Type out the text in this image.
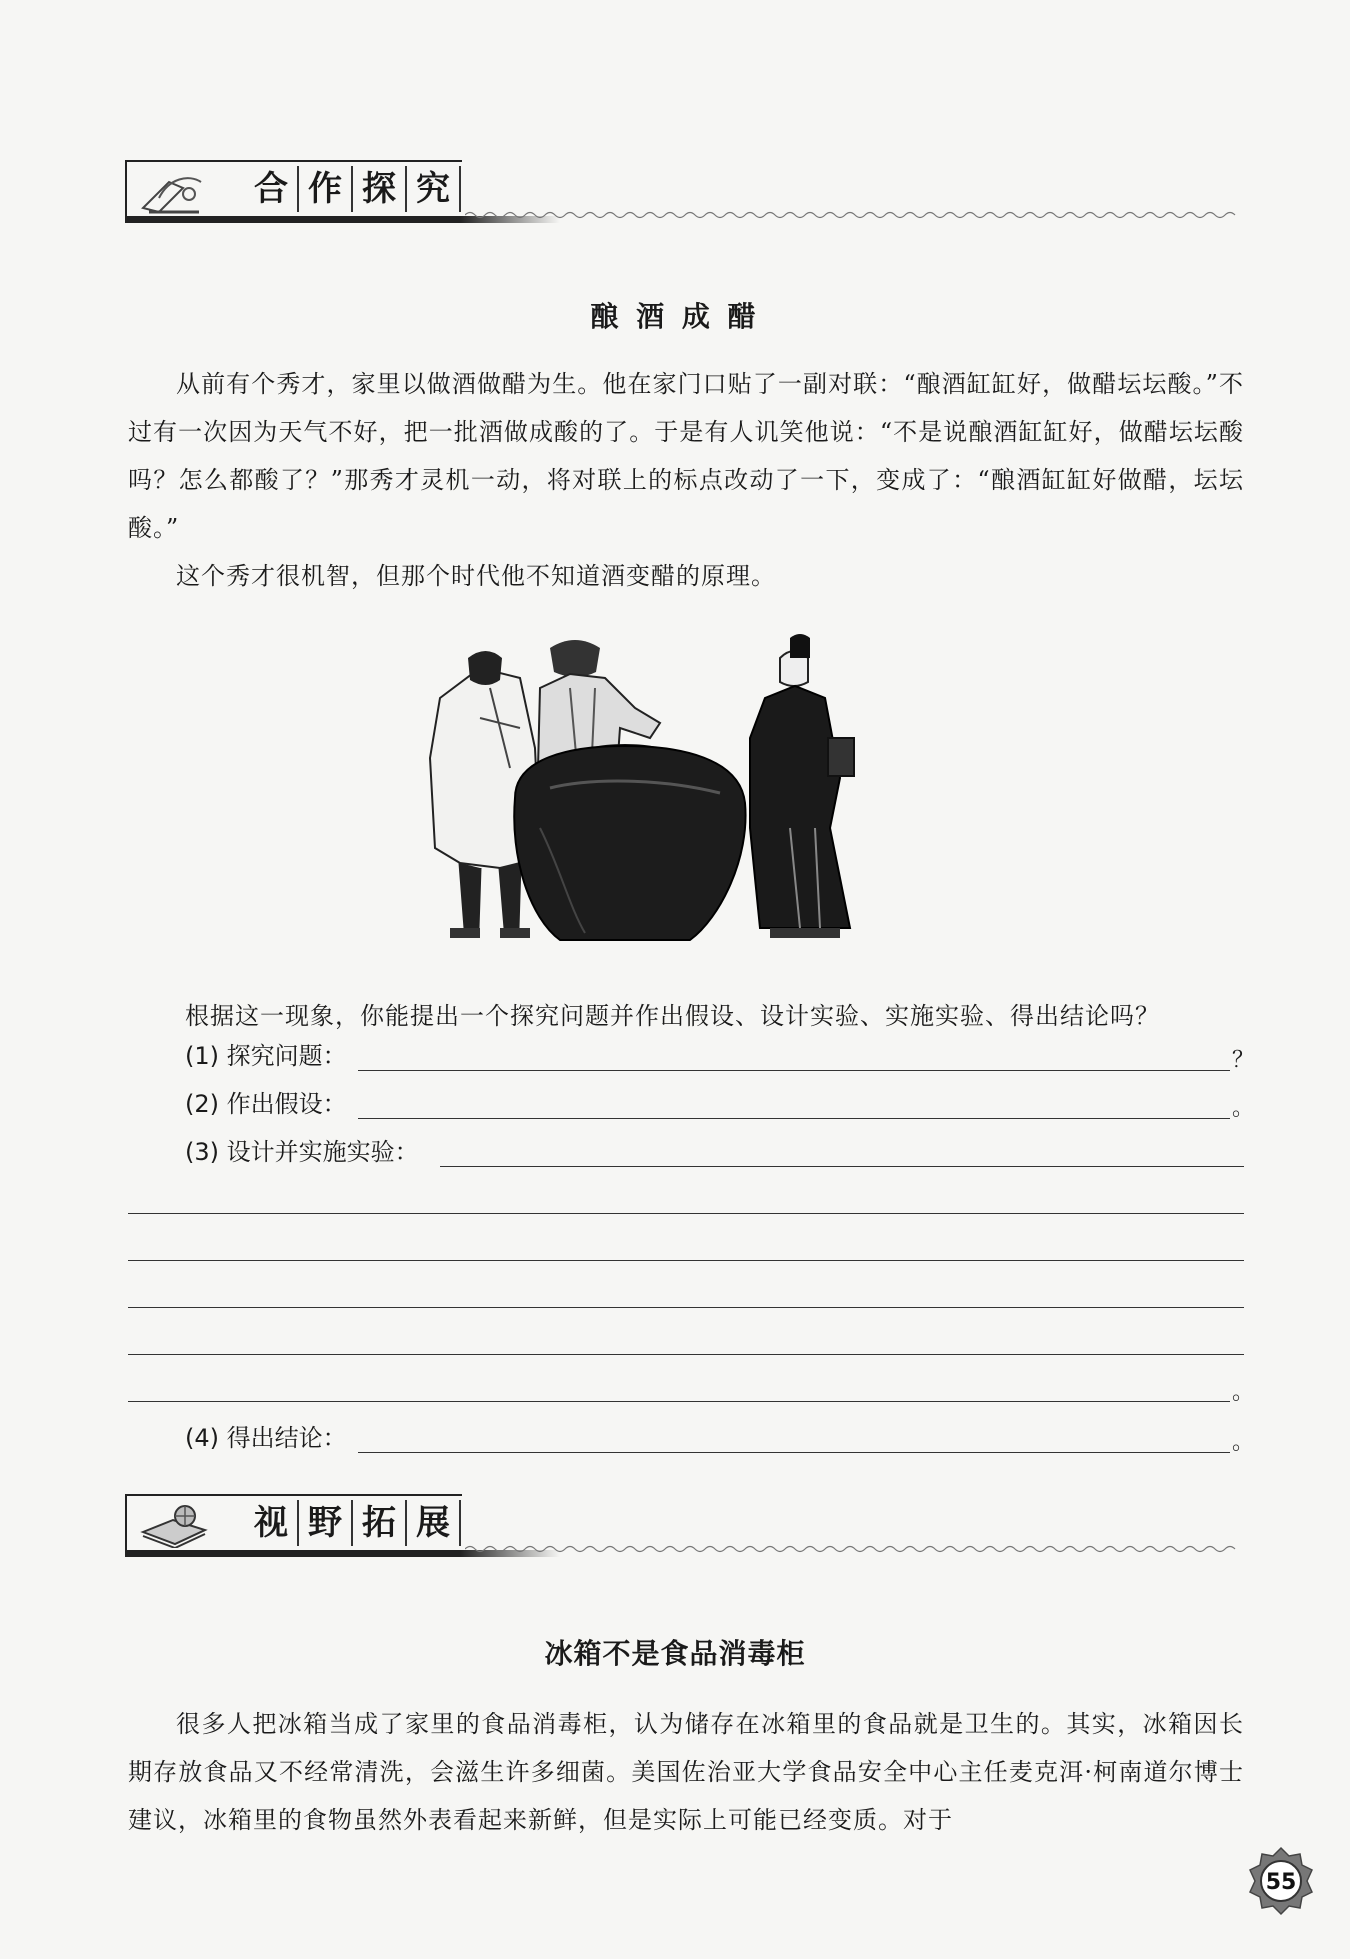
合 作 探 究
酿 酒 成 醋

从前有个秀才，家里以做酒做醋为生。他在家门口贴了一副对联：“酿酒缸缸好，做醋坛坛酸。”不过有一次因为天气不好，把一批酒做成酸的了。于是有人讥笑他说：“不是说酿酒缸缸好，做醋坛坛酸吗？怎么都酸了？”那秀才灵机一动，将对联上的标点改动了一下，变成了：“酿酒缸缸好做醋，坛坛酸。”

这个秀才很机智，但那个时代他不知道酒变醋的原理。

根据这一现象，你能提出一个探究问题并作出假设、设计实验、实施实验、得出结论吗？
(1) 探究问题：	？
(2) 作出假设：	。
(3) 设计并实施实验：
。
(4) 得出结论：	。
视 野 拓 展
冰箱不是食品消毒柜

很多人把冰箱当成了家里的食品消毒柜，认为储存在冰箱里的食品就是卫生的。其实，冰箱因长期存放食品又不经常清洗，会滋生许多细菌。美国佐治亚大学食品安全中心主任麦克洱·柯南道尔博士建议，冰箱里的食物虽然外表看起来新鲜，但是实际上可能已经变质。对于

55
